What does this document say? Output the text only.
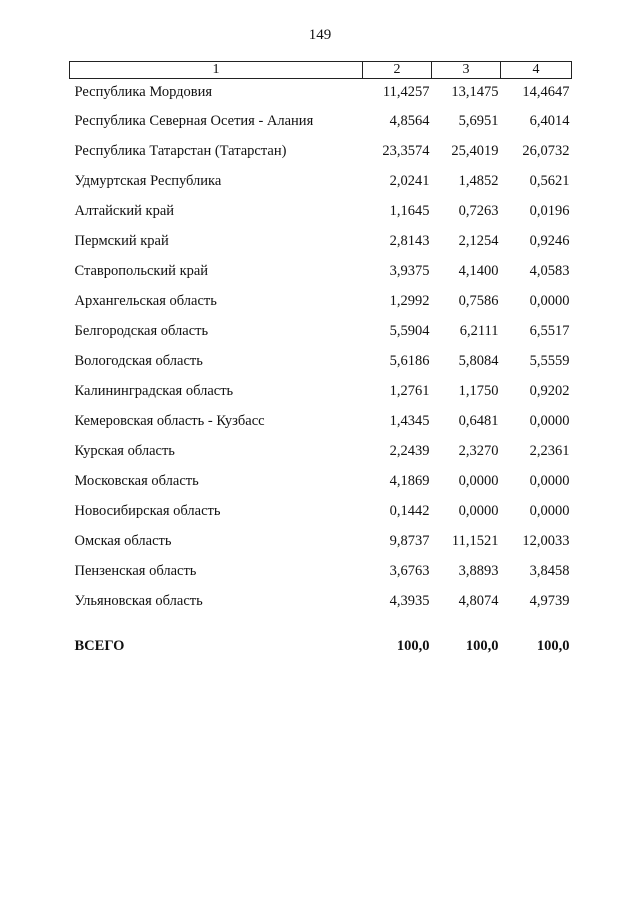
149
1	2	3	4
Республика Мордовия	11,4257	13,1475	14,4647
Республика Северная Осетия - Алания	4,8564	5,6951	6,4014
Республика Татарстан (Татарстан)	23,3574	25,4019	26,0732
Удмуртская Республика	2,0241	1,4852	0,5621
Алтайский край	1,1645	0,7263	0,0196
Пермский край	2,8143	2,1254	0,9246
Ставропольский край	3,9375	4,1400	4,0583
Архангельская область	1,2992	0,7586	0,0000
Белгородская область	5,5904	6,2111	6,5517
Вологодская область	5,6186	5,8084	5,5559
Калининградская область	1,2761	1,1750	0,9202
Кемеровская область - Кузбасс	1,4345	0,6481	0,0000
Курская область	2,2439	2,3270	2,2361
Московская область	4,1869	0,0000	0,0000
Новосибирская область	0,1442	0,0000	0,0000
Омская область	9,8737	11,1521	12,0033
Пензенская область	3,6763	3,8893	3,8458
Ульяновская область	4,3935	4,8074	4,9739

ВСЕГО	100,0	100,0	100,0
